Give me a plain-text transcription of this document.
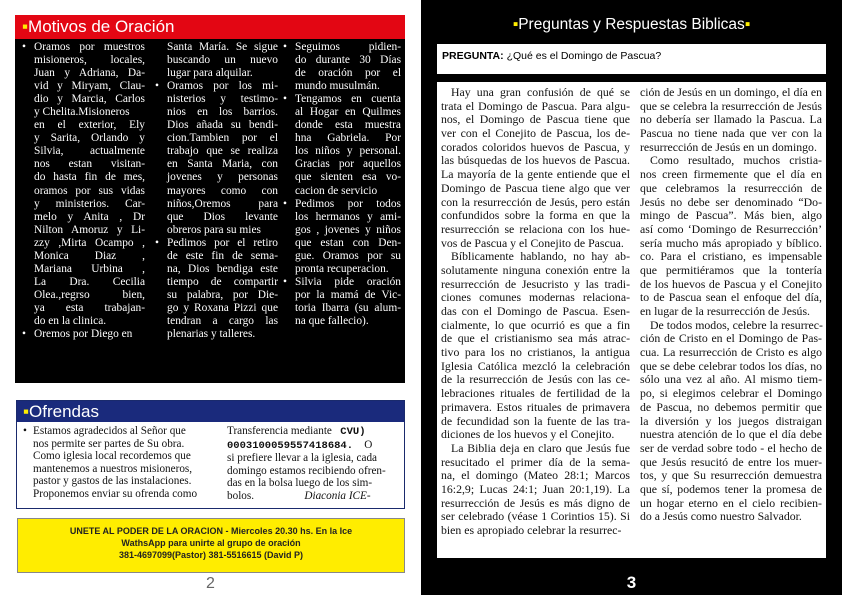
▪Motivos de Oración
• Oramos por muestros
misioneros, locales,
Juan y Adriana, Da-
vid y Miryam, Clau-
dio y Marcia, Carlos
y Chelita.Misioneros
en el exterior, Ely
y Sarita, Orlando y
Silvia, actualmente
nos estan visitan-
do hasta fin de mes,
oramos por sus vidas
y ministerios. Car-
melo y Anita , Dr
Nilton Amoruz y Li-
zzy ,Mirta Ocampo ,
Monica Diaz ,
Mariana Urbina ,
La Dra. Cecilia
Olea.,regrso bien,
ya esta trabajan-
do en la clinica.
• Oremos por Diego en
Santa María. Se sigue
buscando un nuevo
lugar para alquilar.
• Oramos por los mi-
nisterios y testimo-
nios en los barrios.
Dios añada su bendi-
cion.Tambien por el
trabajo que se realiza
en Santa Maria, con
jovenes y personas
mayores como con
niños,Oremos para
que Dios levante
obreros para su mies
• Pedimos por el retiro
de este fin de sema-
na, Dios bendiga este
tiempo de compartir
su palabra, por Die-
go y Roxana Pizzi que
tendran a cargo las
plenarias y talleres.
• Seguimos pidien-
do durante 30 Días
de oración por el
mundo musulmán.
• Tengamos en cuenta
al Hogar en Quilmes
donde esta muestra
hna Gabriela. Por
los niños y personal.
Gracias por aquellos
que sienten esa vo-
cacion de servicio
• Pedimos por todos
los hermanos y ami-
gos , jovenes y niños
que estan con Den-
gue. Oramos por su
pronta recuperacion.
• Silvia pide oración
por la mamá de Vic-
toria Ibarra (su alum-
na que fallecio).
▪Ofrendas
• Estamos agradecidos al Señor que
nos permite ser partes de Su obra.
Como iglesia local recordemos que
mantenemos a nuestros misioneros,
pastor y gastos de las instalaciones.
Proponemos enviar su ofrenda como
Transferencia mediante CVU)
0003100059557418684. O
si prefiere llevar a la iglesia, cada
domingo estamos recibiendo ofren-
das en la bolsa luego de los sim-
bolos.	Diaconia ICE-
UNETE AL PODER DE LA ORACION - Miercoles 20.30 hs. En la Ice
WathsApp para unirte al grupo de oración
381-4697099(Pastor) 381-5516615 (David P)
2
▪Preguntas y Respuestas Biblicas▪
PREGUNTA: ¿Qué es el Domingo de Pascua?
Hay una gran confusión de qué se
trata el Domingo de Pascua. Para algu-
nos, el Domingo de Pascua tiene que
ver con el Conejito de Pascua, los de-
corados coloridos huevos de Pascua, y
las búsquedas de los huevos de Pascua.
La mayoría de la gente entiende que el
Domingo de Pascua tiene algo que ver
con la resurrección de Jesús, pero están
confundidos sobre la forma en que la
resurrección se relaciona con los hue-
vos de Pascua y el Conejito de Pascua.
Bíblicamente hablando, no hay ab-
solutamente ninguna conexión entre la
resurrección de Jesucristo y las tradi-
ciones comunes modernas relaciona-
das con el Domingo de Pascua. Esen-
cialmente, lo que ocurrió es que a fin
de que el cristianismo sea más atrac-
tivo para los no cristianos, la antigua
Iglesia Católica mezcló la celebración
de la resurrección de Jesús con las ce-
lebraciones rituales de fertilidad de la
primavera. Estos rituales de primavera
de fecundidad son la fuente de las tra-
diciones de los huevos y el Conejito.
La Biblia deja en claro que Jesús fue
resucitado el primer día de la sema-
na, el domingo (Mateo 28:1; Marcos
16:2,9; Lucas 24:1; Juan 20:1,19). La
resurrección de Jesús es más digno de
ser celebrado (véase 1 Corintios 15). Si
bien es apropiado celebrar la resurrec-
ción de Jesús en un domingo, el día en
que se celebra la resurrección de Jesús
no debería ser llamado la Pascua. La
Pascua no tiene nada que ver con la
resurrección de Jesús en un domingo.
Como resultado, muchos cristia-
nos creen firmemente que el día en
que celebramos la resurrección de
Jesús no debe ser denominado “Do-
mingo de Pascua”. Más bien, algo
así como ‘Domingo de Resurrección’
sería mucho más apropiado y bíblico.
co. Para el cristiano, es impensable
que permitiéramos que la tontería
de los huevos de Pascua y el Conejito
to de Pascua sean el enfoque del día,
en lugar de la resurrección de Jesús.
De todos modos, celebre la resurrec-
ción de Cristo en el Domingo de Pas-
cua. La resurrección de Cristo es algo
que se debe celebrar todos los días, no
sólo una vez al año. Al mismo tiem-
po, si elegimos celebrar el Domingo
de Pascua, no debemos permitir que
la diversión y los juegos distraigan
nuestra atención de lo que el día debe
ser de verdad sobre todo - el hecho de
que Jesús resucitó de entre los muer-
tos, y que Su resurrección demuestra
que sí, podemos tener la promesa de
un hogar eterno en el cielo recibien-
do a Jesús como nuestro Salvador.
3
